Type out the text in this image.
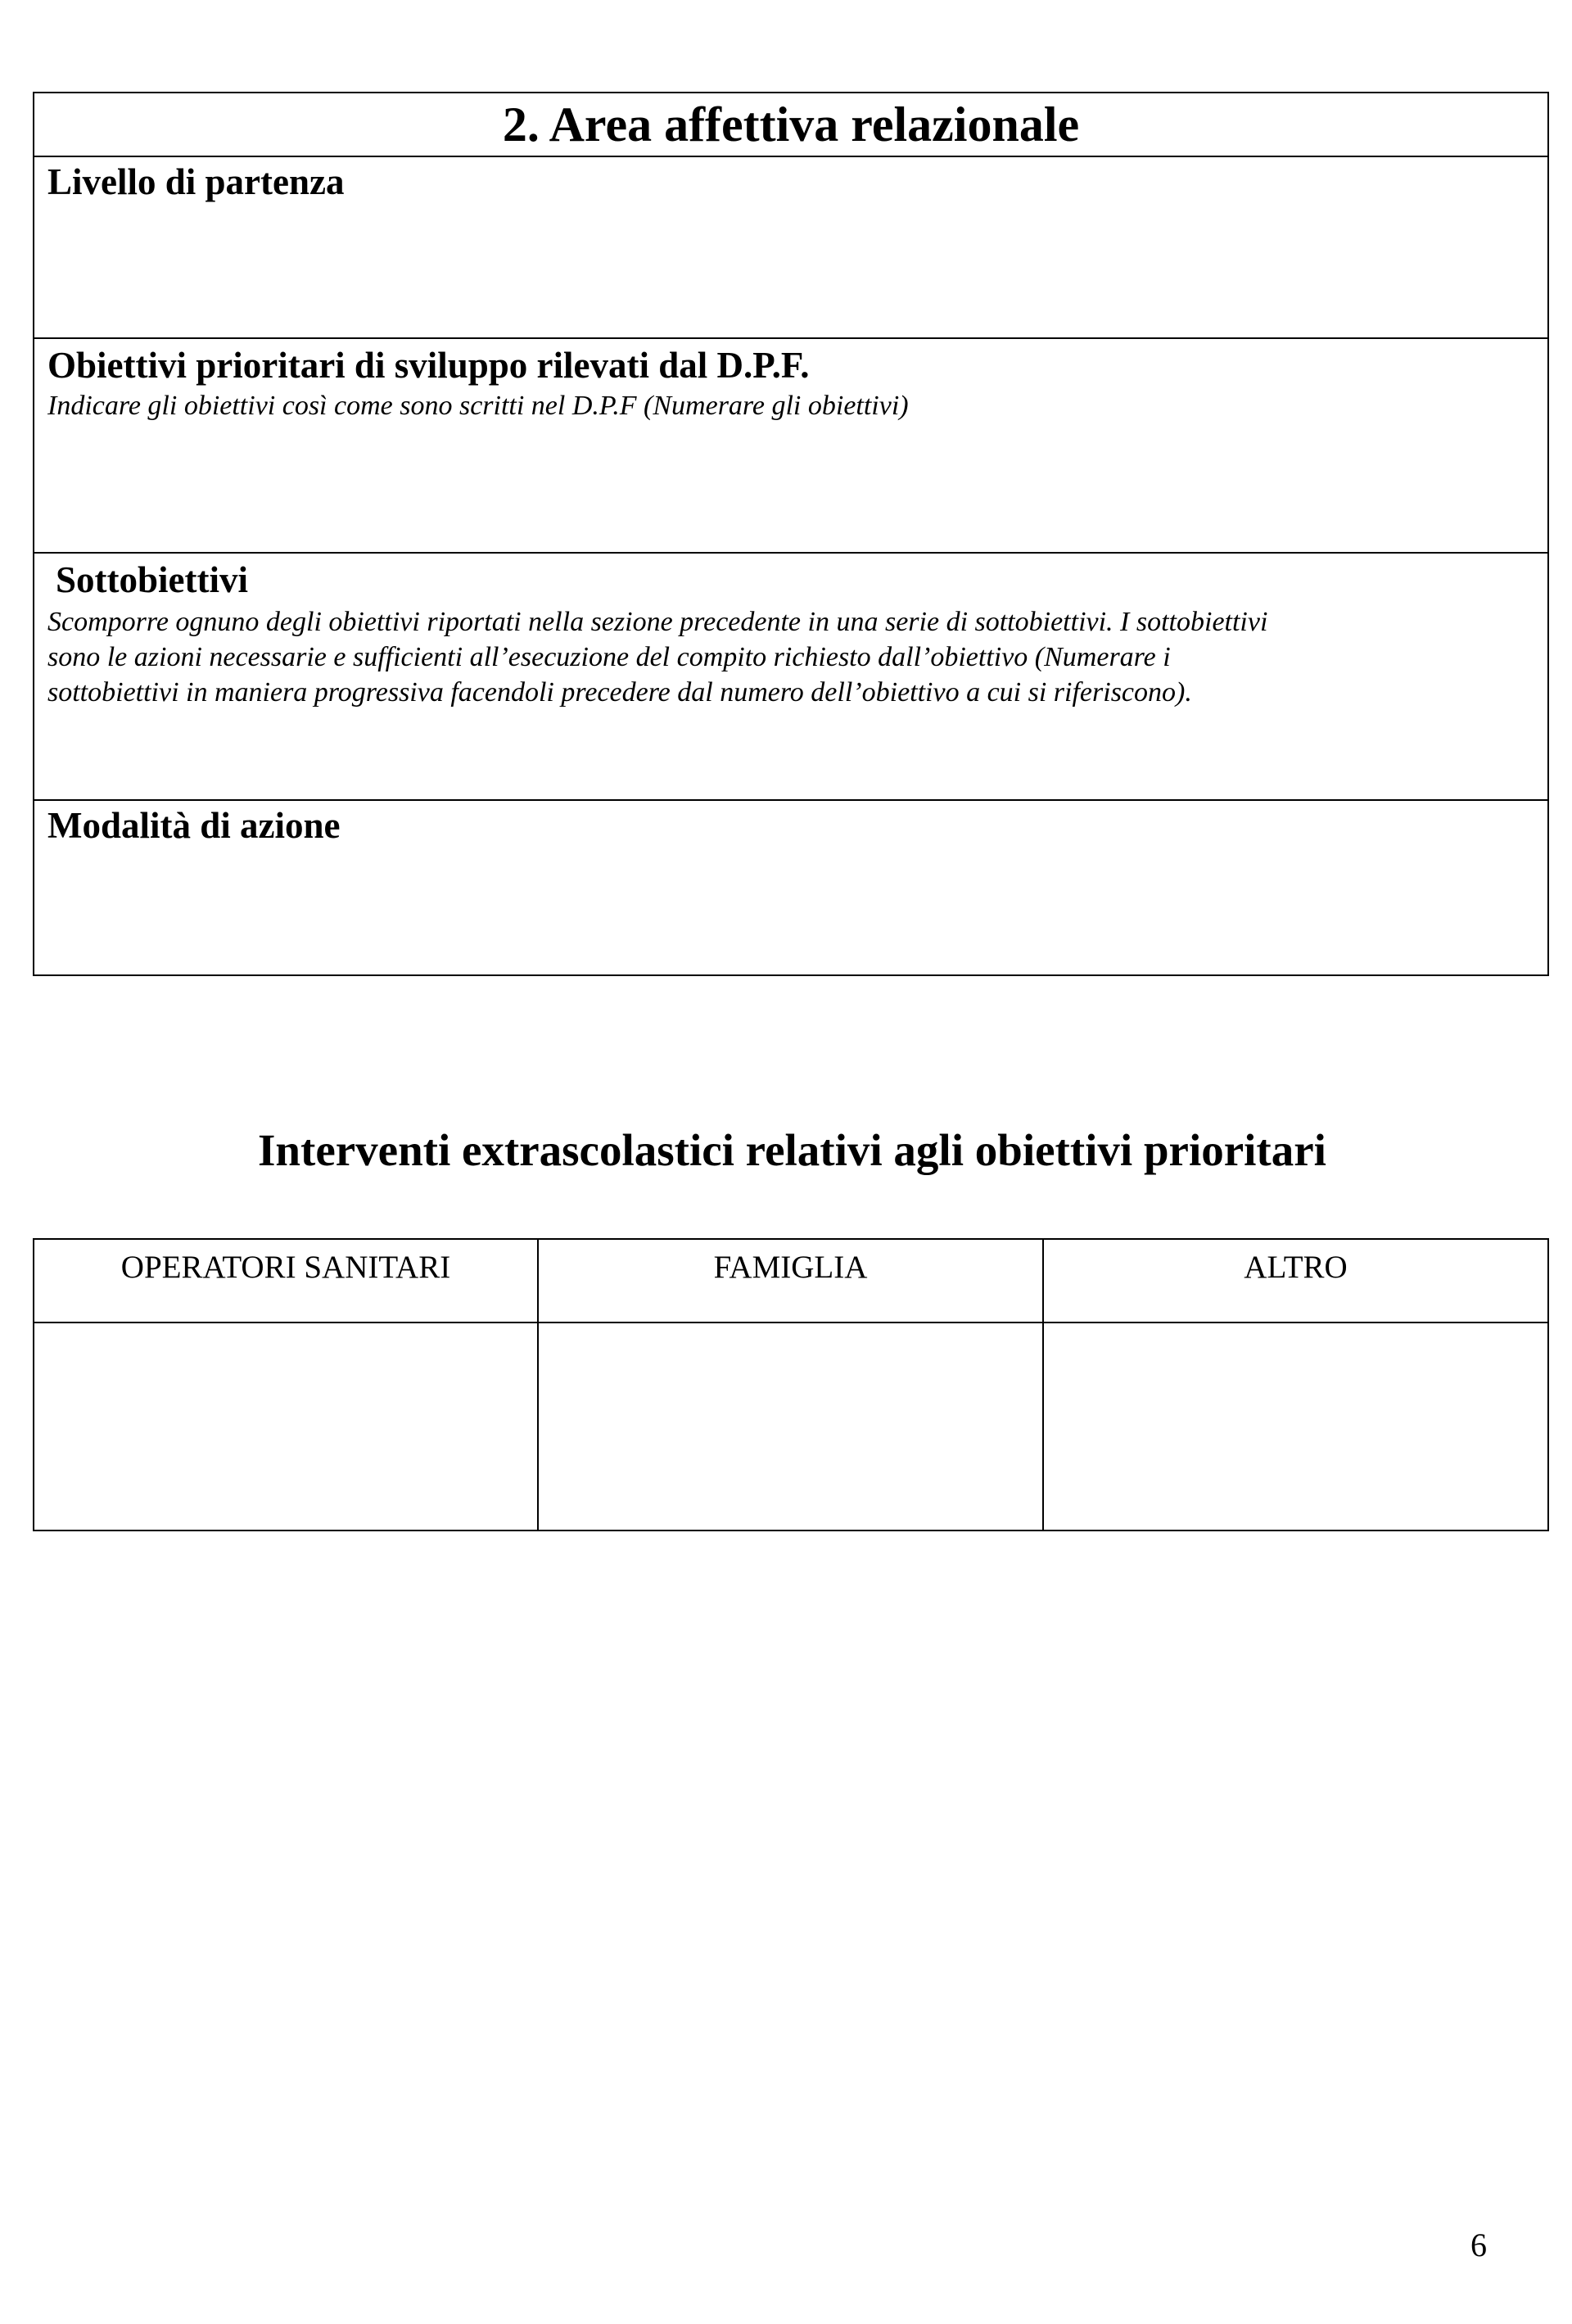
2. Area affettiva relazionale
Livello di partenza
Obiettivi prioritari di sviluppo rilevati dal D.P.F.
Indicare gli obiettivi così come sono scritti nel D.P.F (Numerare gli obiettivi)
Sottobiettivi
Scomporre ognuno degli obiettivi riportati nella sezione precedente in una serie di sottobiettivi. I sottobiettivi
sono le azioni necessarie e sufficienti all’esecuzione del compito richiesto dall’obiettivo (Numerare i
sottobiettivi in maniera progressiva facendoli precedere dal numero dell’obiettivo a cui si riferiscono).
Modalità di azione
Interventi extrascolastici relativi agli obiettivi prioritari
OPERATORI SANITARI	FAMIGLIA	ALTRO
6
